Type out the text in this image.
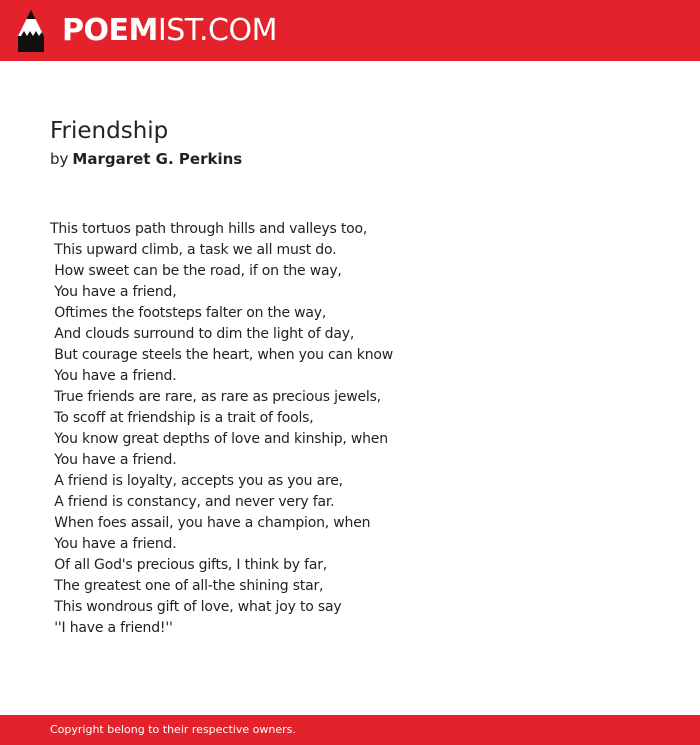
POEMIST.COM
Friendship
by Margaret G. Perkins
This tortuos path through hills and valleys too,
This upward climb, a task we all must do.
How sweet can be the road, if on the way,
You have a friend,
Oftimes the footsteps falter on the way,
And clouds surround to dim the light of day,
But courage steels the heart, when you can know
You have a friend.
True friends are rare, as rare as precious jewels,
To scoff at friendship is a trait of fools,
You know great depths of love and kinship, when
You have a friend.
A friend is loyalty, accepts you as you are,
A friend is constancy, and never very far.
When foes assail, you have a champion, when
You have a friend.
Of all God's precious gifts, I think by far,
The greatest one of all-the shining star,
This wondrous gift of love, what joy to say
''I have a friend!''
Copyright belong to their respective owners.
